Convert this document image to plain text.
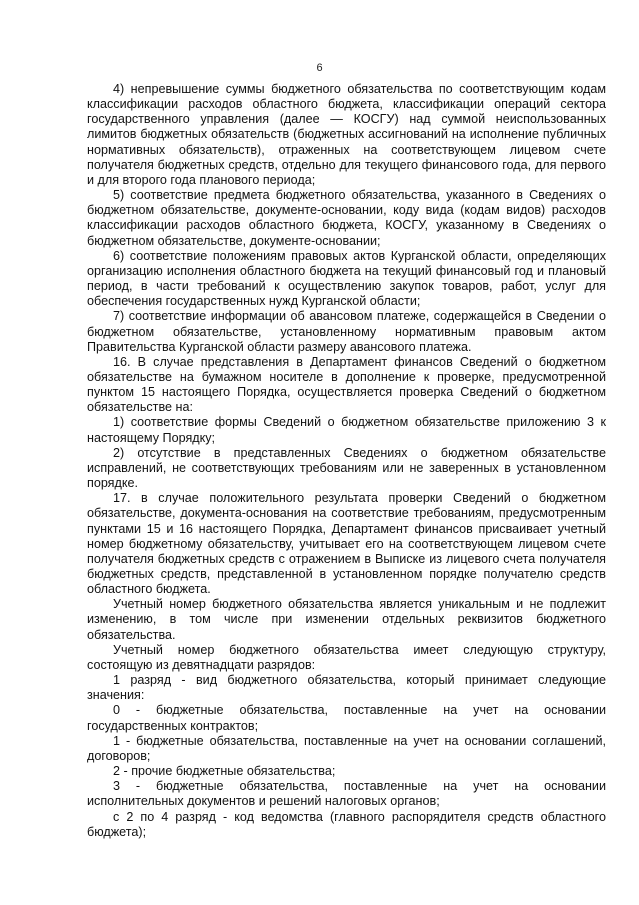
6

4) непревышение суммы бюджетного обязательства по соответствующим кодам классификации расходов областного бюджета, классификации операций сектора государственного управления (далее — КОСГУ) над суммой неиспользованных лимитов бюджетных обязательств (бюджетных ассигнований на исполнение публичных нормативных обязательств), отраженных на соответствующем лицевом счете получателя бюджетных средств, отдельно для текущего финансового года, для первого и для второго года планового периода;

5) соответствие предмета бюджетного обязательства, указанного в Сведениях о бюджетном обязательстве, документе-основании, коду вида (кодам видов) расходов классификации расходов областного бюджета, КОСГУ, указанному в Сведениях о бюджетном обязательстве, документе-основании;

6) соответствие положениям правовых актов Курганской области, определяющих организацию исполнения областного бюджета на текущий финансовый год и плановый период, в части требований к осуществлению закупок товаров, работ, услуг для обеспечения государственных нужд Курганской области;

7) соответствие информации об авансовом платеже, содержащейся в Сведении о бюджетном обязательстве, установленному нормативным правовым актом Правительства Курганской области размеру авансового платежа.

16. В случае представления в Департамент финансов Сведений о бюджетном обязательстве на бумажном носителе в дополнение к проверке, предусмотренной пунктом 15 настоящего Порядка, осуществляется проверка Сведений о бюджетном обязательстве на:

1) соответствие формы Сведений о бюджетном обязательстве приложению 3 к настоящему Порядку;

2) отсутствие в представленных Сведениях о бюджетном обязательстве исправлений, не соответствующих требованиям или не заверенных в установленном порядке.

17. в случае положительного результата проверки Сведений о бюджетном обязательстве, документа-основания на соответствие требованиям, предусмотренным пунктами 15 и 16 настоящего Порядка, Департамент финансов присваивает учетный номер бюджетному обязательству, учитывает его на соответствующем лицевом счете получателя бюджетных средств с отражением в Выписке из лицевого счета получателя бюджетных средств, представленной в установленном порядке получателю средств областного бюджета.

Учетный номер бюджетного обязательства является уникальным и не подлежит изменению, в том числе при изменении отдельных реквизитов бюджетного обязательства.

Учетный номер бюджетного обязательства имеет следующую структуру, состоящую из девятнадцати разрядов:

1 разряд - вид бюджетного обязательства, который принимает следующие значения:

0 - бюджетные обязательства, поставленные на учет на основании государственных контрактов;

1 - бюджетные обязательства, поставленные на учет на основании соглашений, договоров;

2 - прочие бюджетные обязательства;

3 - бюджетные обязательства, поставленные на учет на основании исполнительных документов и решений налоговых органов;

с 2 по 4 разряд - код ведомства (главного распорядителя средств областного бюджета);
